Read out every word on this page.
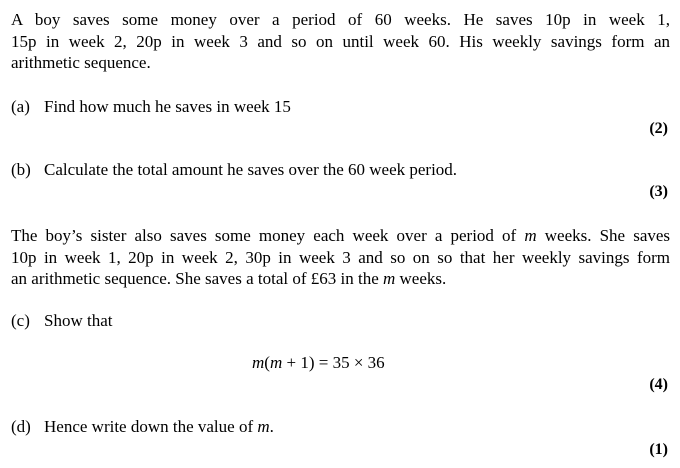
A boy saves some money over a period of 60 weeks. He saves 10p in week 1,
15p in week 2, 20p in week 3 and so on until week 60. His weekly savings form an
arithmetic sequence.
(a) Find how much he saves in week 15
(2)
(b) Calculate the total amount he saves over the 60 week period.
(3)
The boy’s sister also saves some money each week over a period of m weeks. She saves
10p in week 1, 20p in week 2, 30p in week 3 and so on so that her weekly savings form
an arithmetic sequence. She saves a total of £63 in the m weeks.
(c) Show that
m(m + 1) = 35 × 36
(4)
(d) Hence write down the value of m.
(1)
